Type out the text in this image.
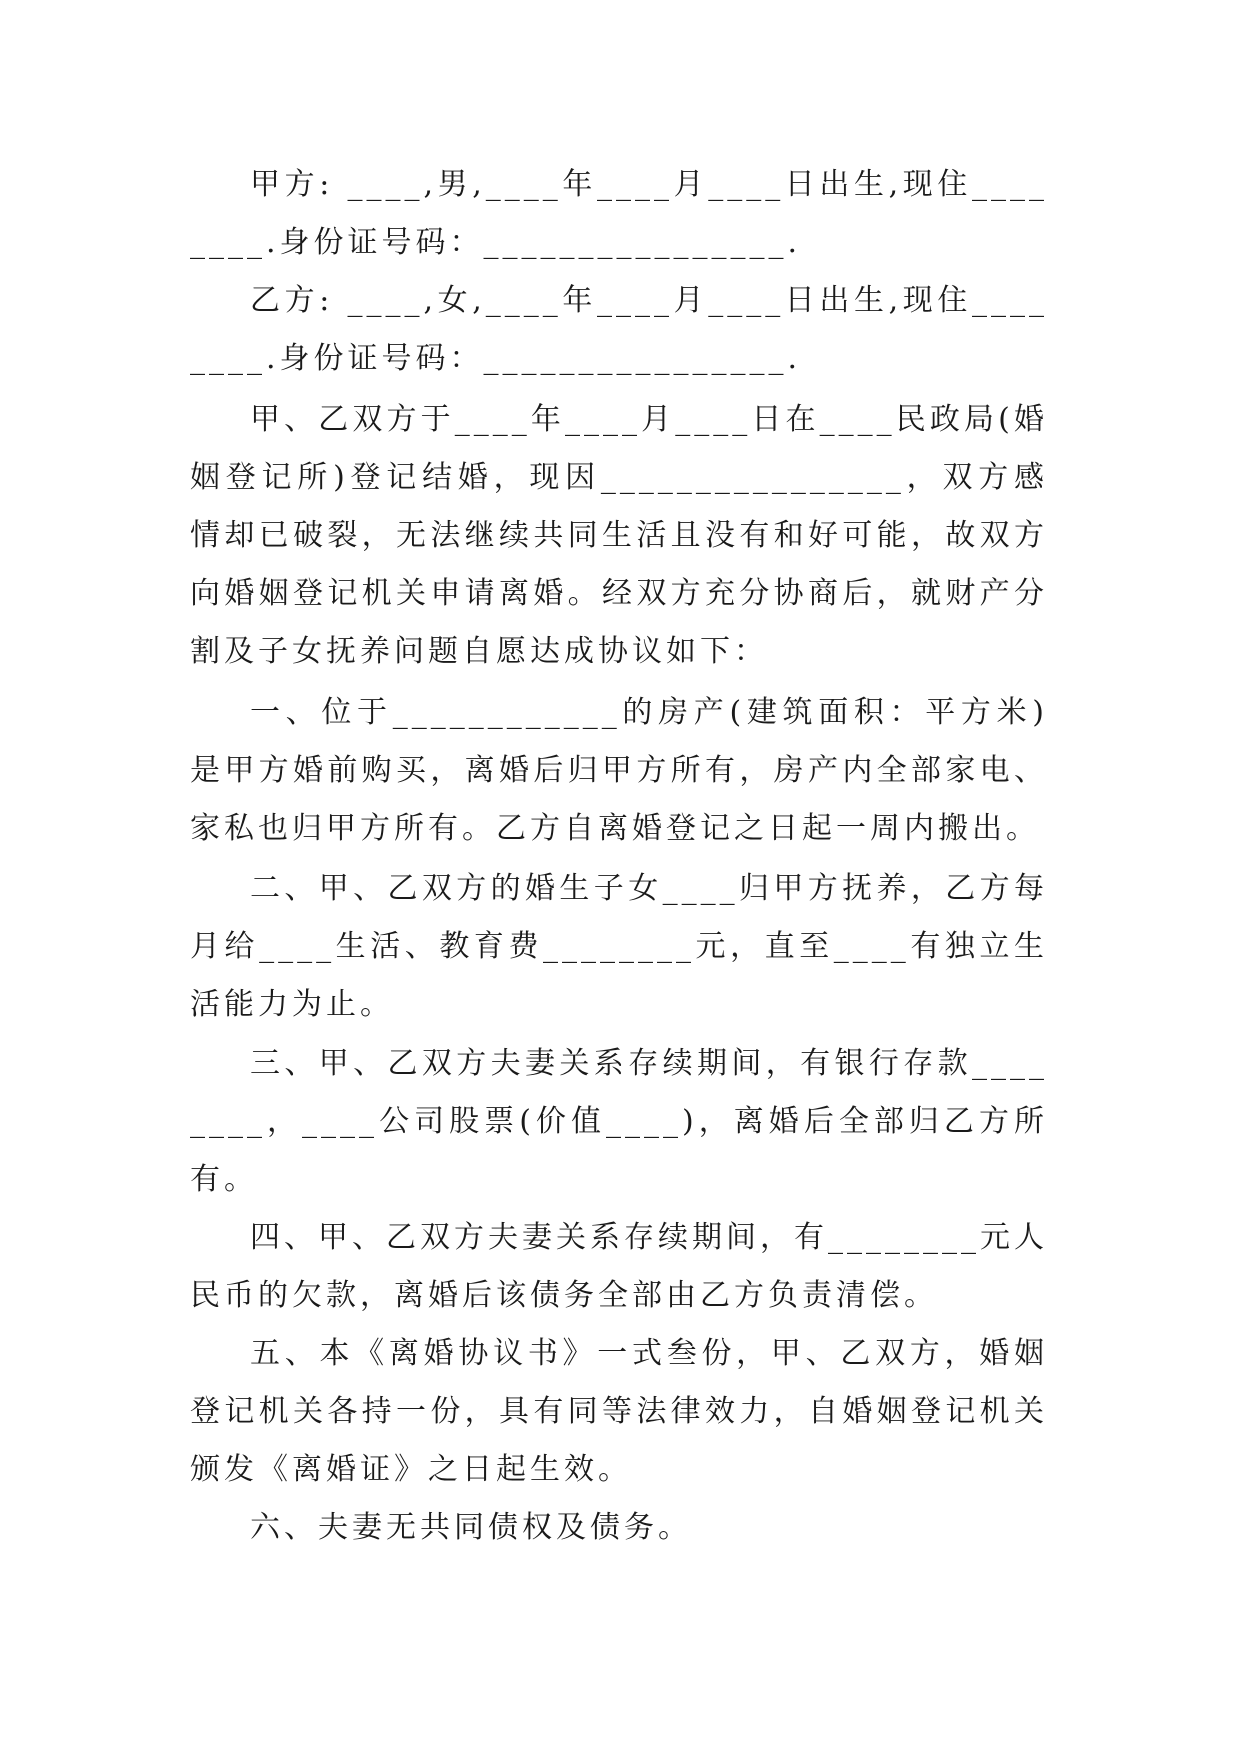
甲方: ____,男,____年____月____日出生,现住________.身份证号码：________________.

乙方: ____,女,____年____月____日出生,现住________.身份证号码：________________.

甲、乙双方于____年____月____日在____民政局(婚姻登记所)登记结婚，现因________________，双方感情却已破裂，无法继续共同生活且没有和好可能，故双方向婚姻登记机关申请离婚。经双方充分协商后，就财产分割及子女抚养问题自愿达成协议如下：

一、位于____________的房产(建筑面积：平方米)是甲方婚前购买，离婚后归甲方所有，房产内全部家电、家私也归甲方所有。乙方自离婚登记之日起一周内搬出。

二、甲、乙双方的婚生子女____归甲方抚养，乙方每月给____生活、教育费________元，直至____有独立生活能力为止。

三、甲、乙双方夫妻关系存续期间，有银行存款________，____公司股票(价值____)，离婚后全部归乙方所有。

四、甲、乙双方夫妻关系存续期间，有________元人民币的欠款，离婚后该债务全部由乙方负责清偿。

五、本《离婚协议书》一式叁份，甲、乙双方，婚姻登记机关各持一份，具有同等法律效力，自婚姻登记机关颁发《离婚证》之日起生效。

六、夫妻无共同债权及债务。
